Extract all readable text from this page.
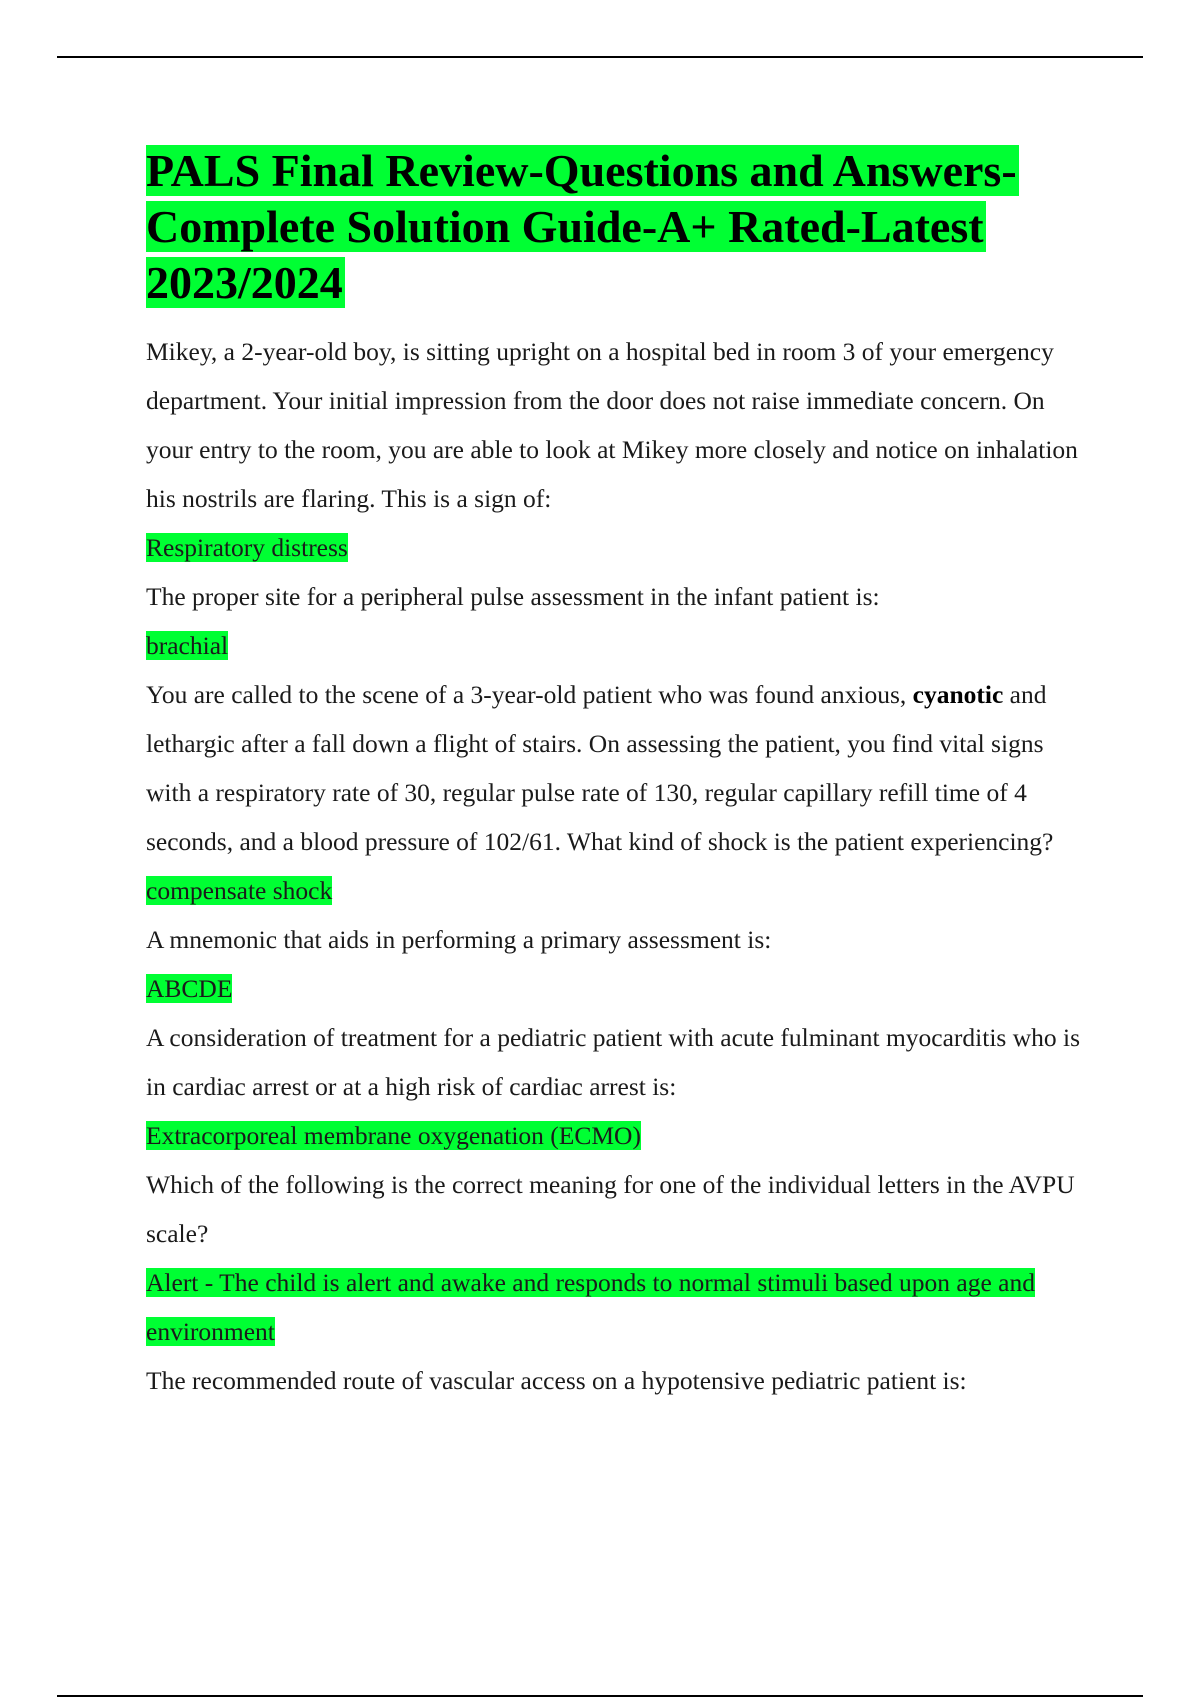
PALS Final Review-Questions and Answers-Complete Solution Guide-A+ Rated-Latest 2023/2024

Mikey, a 2-year-old boy, is sitting upright on a hospital bed in room 3 of your emergency department. Your initial impression from the door does not raise immediate concern. On your entry to the room, you are able to look at Mikey more closely and notice on inhalation his nostrils are flaring. This is a sign of:

Respiratory distress

The proper site for a peripheral pulse assessment in the infant patient is:

brachial

You are called to the scene of a 3-year-old patient who was found anxious, cyanotic and lethargic after a fall down a flight of stairs. On assessing the patient, you find vital signs with a respiratory rate of 30, regular pulse rate of 130, regular capillary refill time of 4 seconds, and a blood pressure of 102/61. What kind of shock is the patient experiencing?

compensate shock

A mnemonic that aids in performing a primary assessment is:

ABCDE

A consideration of treatment for a pediatric patient with acute fulminant myocarditis who is in cardiac arrest or at a high risk of cardiac arrest is:

Extracorporeal membrane oxygenation (ECMO)

Which of the following is the correct meaning for one of the individual letters in the AVPU scale?

Alert - The child is alert and awake and responds to normal stimuli based upon age and environment

The recommended route of vascular access on a hypotensive pediatric patient is:
